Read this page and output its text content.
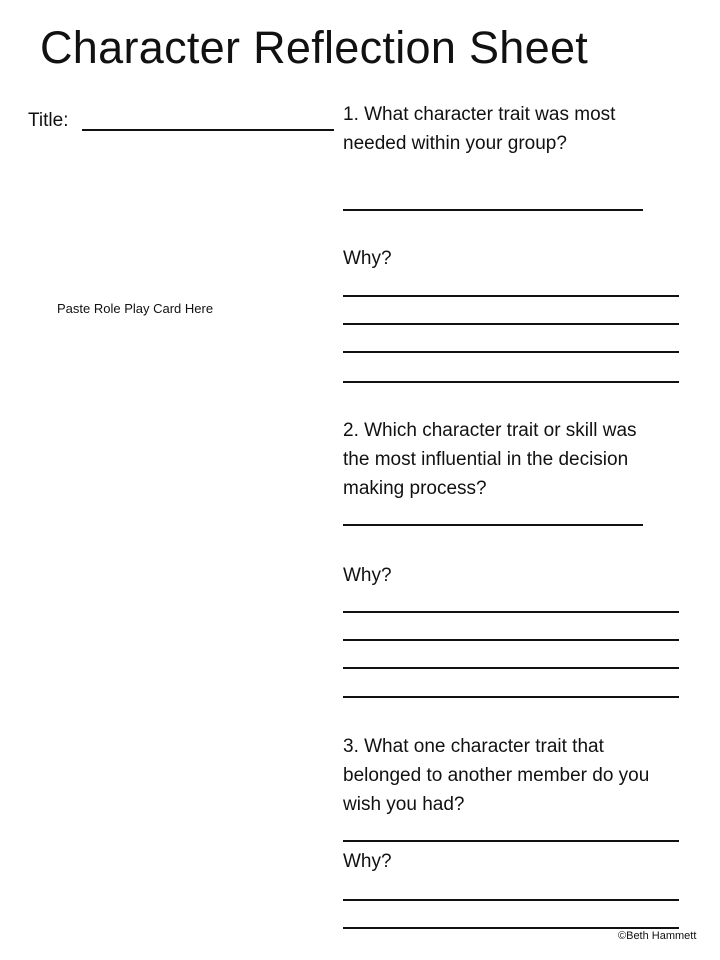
Character Reflection Sheet
Title:
Paste Role Play Card Here
1. What character trait was most needed within your group?
Why?
2. Which character trait or skill was the most influential in the decision making process?
Why?
3. What one character trait that belonged to another member do you wish you had?
Why?
©Beth Hammett
